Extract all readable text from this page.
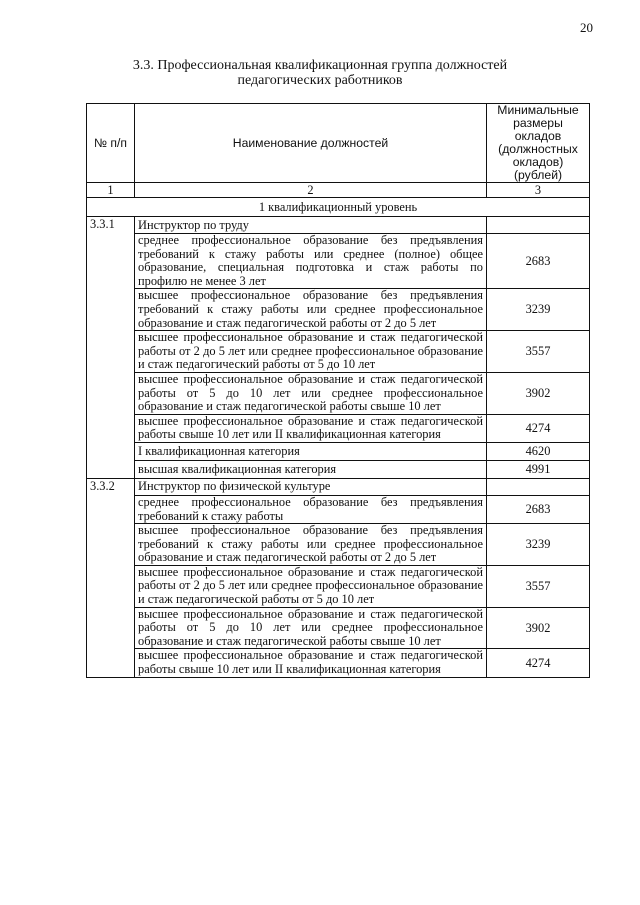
20
3.3. Профессиональная квалификационная группа должностей
педагогических работников
№ п/п	Наименование должностей	Минимальные размеры окладов (должностных окладов) (рублей)
1	2	3
1 квалификационный уровень		
3.3.1	Инструктор по труду	
	среднее профессиональное образование без предъявления требований к стажу работы или среднее (полное) общее образование, специальная подготовка и стаж работы по профилю не менее 3 лет	2683
	высшее профессиональное образование без предъявления требований к стажу работы или среднее профессиональное образование и стаж педагогической работы от 2 до 5 лет	3239
	высшее профессиональное образование и стаж педагогической работы от 2 до 5 лет или среднее профессиональное образование и стаж педагогический работы от 5 до 10 лет	3557
	высшее профессиональное образование и стаж педагогической работы от 5 до 10 лет или среднее профессиональное образование и стаж педагогической работы свыше 10 лет	3902
	высшее профессиональное образование и стаж педагогической работы свыше 10 лет или II квалификационная категория	4274
	I квалификационная категория	4620
	высшая квалификационная категория	4991
3.3.2	Инструктор по физической культуре	
	среднее профессиональное образование без предъявления требований к стажу работы	2683
	высшее профессиональное образование без предъявления требований к стажу работы или среднее профессиональное образование и стаж педагогической работы от 2 до 5 лет	3239
	высшее профессиональное образование и стаж педагогической работы от 2 до 5 лет или среднее профессиональное образование и стаж педагогической работы от 5 до 10 лет	3557
	высшее профессиональное образование и стаж педагогической работы от 5 до 10 лет или среднее профессиональное образование и стаж педагогической работы свыше 10 лет	3902
	высшее профессиональное образование и стаж педагогической работы свыше 10 лет или II квалификационная категория	4274
